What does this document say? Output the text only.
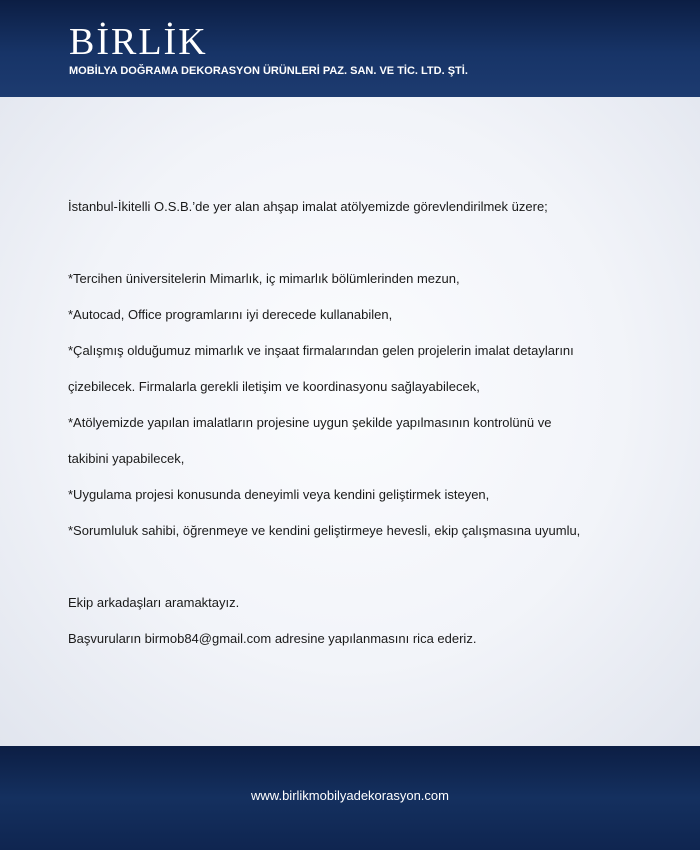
BİRLİK
MOBİLYA DOĞRAMA DEKORASYON ÜRÜNLERİ PAZ. SAN. VE TİC. LTD. ŞTİ.
İstanbul-İkitelli O.S.B.’de yer alan ahşap imalat atölyemizde görevlendirilmek üzere;
*Tercihen üniversitelerin Mimarlık, iç mimarlık bölümlerinden mezun,
*Autocad, Office programlarını iyi derecede kullanabilen,
*Çalışmış olduğumuz mimarlık ve inşaat firmalarından gelen projelerin imalat detaylarını
çizebilecek. Firmalarla gerekli iletişim ve koordinasyonu sağlayabilecek,
*Atölyemizde yapılan imalatların projesine uygun şekilde yapılmasının kontrolünü ve
takibini yapabilecek,
*Uygulama projesi konusunda deneyimli veya kendini geliştirmek isteyen,
*Sorumluluk sahibi, öğrenmeye ve kendini geliştirmeye hevesli, ekip çalışmasına uyumlu,
Ekip arkadaşları aramaktayız.
Başvuruların birmob84@gmail.com adresine yapılanmasını rica ederiz.
www.birlikmobilyadekorasyon.com
